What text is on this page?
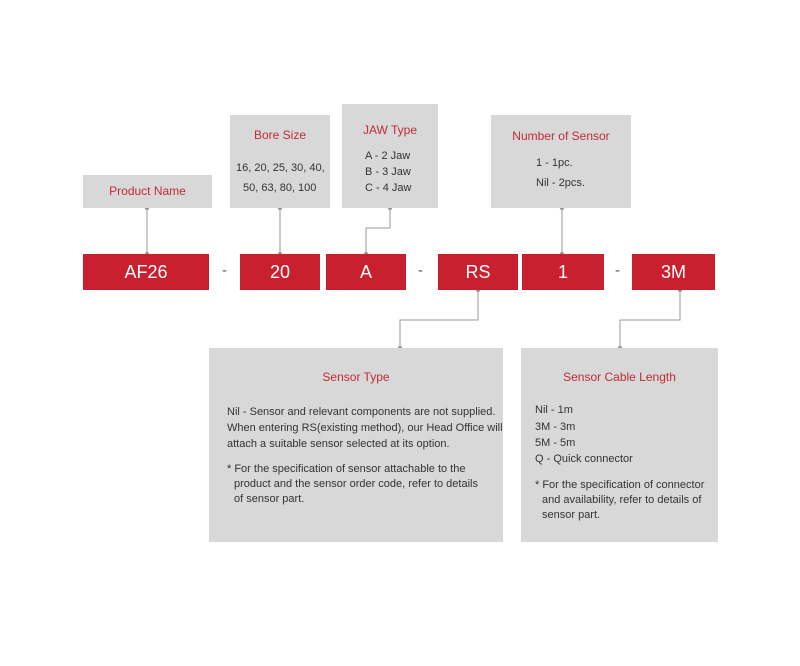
Product Name
Bore Size
16, 20, 25, 30, 40,
50, 63, 80, 100
JAW Type
A - 2 Jaw
B - 3 Jaw
C - 4 Jaw
Number of Sensor
1 - 1pc.
Nil - 2pcs.
AF26	-	20	A	-	RS	1	-	3M
Sensor Type
Nil - Sensor and relevant components are not supplied.
When entering RS(existing method), our Head Office will
attach a suitable sensor selected at its option.
* For the specification of sensor attachable to the
product and the sensor order code, refer to details
of sensor part.
Sensor Cable Length
Nil - 1m
3M - 3m
5M - 5m
Q - Quick connector
* For the specification of connector
and availability, refer to details of
sensor part.
